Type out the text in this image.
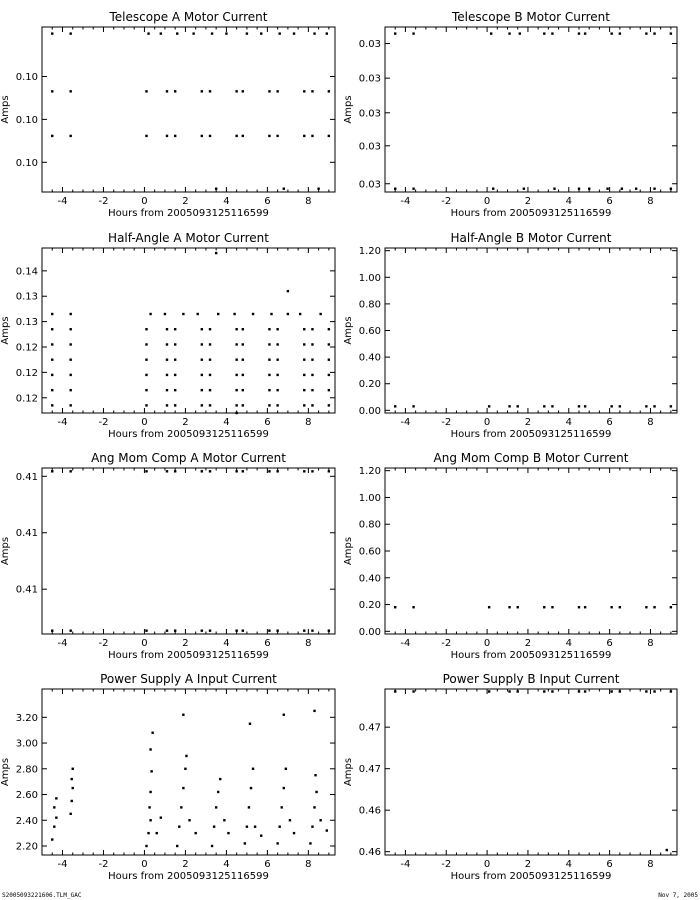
Telescope A Motor Current
-4	-2	0	2	4	6	8
0.10
0.10
0.10
Hours from 2005093125116599
Amps
Telescope B Motor Current
-4	-2	0	2	4	6	8
0.03
0.03
0.03
0.03
0.03
Hours from 2005093125116599
Amps
Half-Angle A Motor Current
-4	-2	0	2	4	6	8
0.12
0.12
0.12
0.13
0.13
0.14
Hours from 2005093125116599
Amps
Half-Angle B Motor Current
-4	-2	0	2	4	6	8
0.00
0.20
0.40
0.60
0.80
1.00
1.20
Hours from 2005093125116599
Amps
Ang Mom Comp A Motor Current
-4	-2	0	2	4	6	8
0.41
0.41
0.41
Hours from 2005093125116599
Amps
Ang Mom Comp B Motor Current
-4	-2	0	2	4	6	8
0.00
0.20
0.40
0.60
0.80
1.00
1.20
Hours from 2005093125116599
Amps
Power Supply A Input Current
-4	-2	0	2	4	6	8
2.20
2.40
2.60
2.80
3.00
3.20
Hours from 2005093125116599
Amps
Power Supply B Input Current
-4	-2	0	2	4	6	8
0.46
0.46
0.47
0.47
Hours from 2005093125116599
Amps
S2005093221606.TLM_GAC	Nov 7, 2005
